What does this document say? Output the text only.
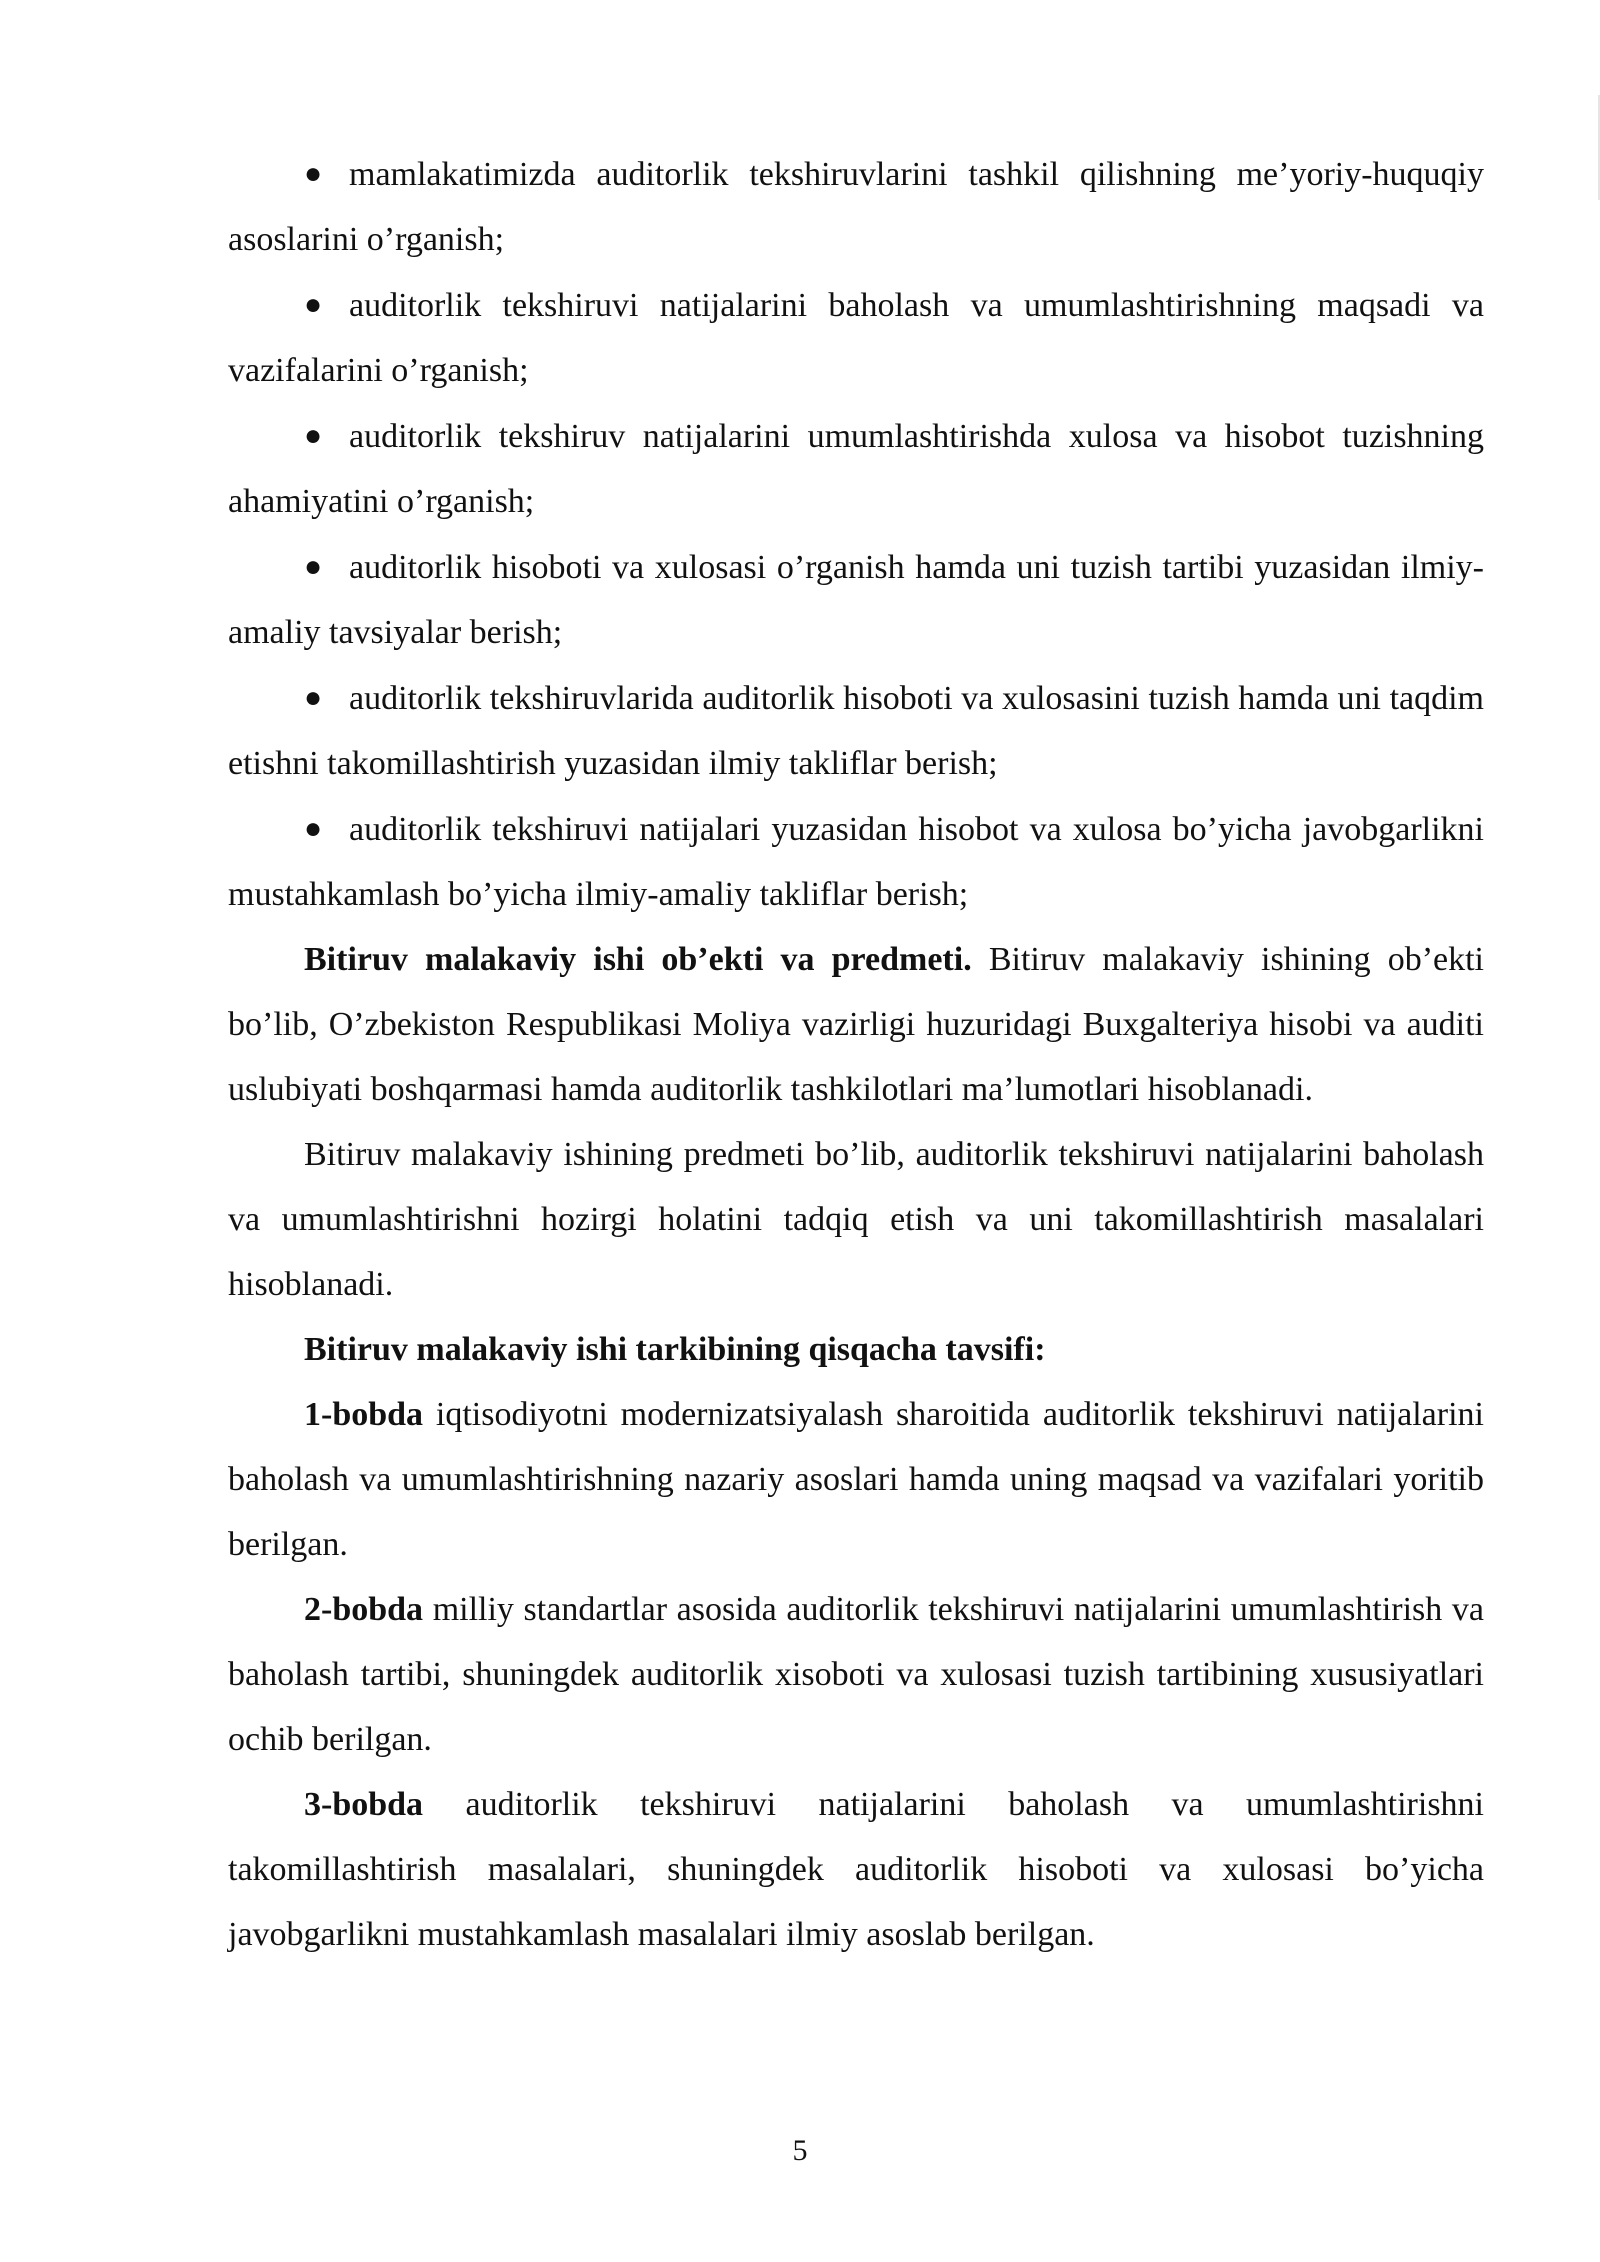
● mamlakatimizda auditorlik tekshiruvlarini tashkil qilishning me’yoriy-huquqiy asoslarini o’rganish;

● auditorlik tekshiruvi natijalarini baholash va umumlashtirishning maqsadi va vazifalarini o’rganish;

● auditorlik tekshiruv natijalarini umumlashtirishda xulosa va hisobot tuzishning ahamiyatini o’rganish;

● auditorlik hisoboti va xulosasi o’rganish hamda uni tuzish tartibi yuzasidan ilmiy-amaliy tavsiyalar berish;

● auditorlik tekshiruvlarida auditorlik hisoboti va xulosasini tuzish hamda uni taqdim etishni takomillashtirish yuzasidan ilmiy takliflar berish;

● auditorlik tekshiruvi natijalari yuzasidan hisobot va xulosa bo’yicha javobgarlikni mustahkamlash bo’yicha ilmiy-amaliy takliflar berish;

Bitiruv malakaviy ishi ob’ekti va predmeti. Bitiruv malakaviy ishining ob’ekti bo’lib, O’zbekiston Respublikasi Moliya vazirligi huzuridagi Buxgalteriya hisobi va auditi uslubiyati boshqarmasi hamda auditorlik tashkilotlari ma’lumotlari hisoblanadi.

Bitiruv malakaviy ishining predmeti bo’lib, auditorlik tekshiruvi natijalarini baholash va umumlashtirishni hozirgi holatini tadqiq etish va uni takomillashtirish masalalari hisoblanadi.

Bitiruv malakaviy ishi tarkibining qisqacha tavsifi:

1-bobda iqtisodiyotni modernizatsiyalash sharoitida auditorlik tekshiruvi natijalarini baholash va umumlashtirishning nazariy asoslari hamda uning maqsad va vazifalari yoritib berilgan.

2-bobda milliy standartlar asosida auditorlik tekshiruvi natijalarini umumlashtirish va baholash tartibi, shuningdek auditorlik xisoboti va xulosasi tuzish tartibining xususiyatlari ochib berilgan.

3-bobda auditorlik tekshiruvi natijalarini baholash va umumlashtirishni takomillashtirish masalalari, shuningdek auditorlik hisoboti va xulosasi bo’yicha javobgarlikni mustahkamlash masalalari ilmiy asoslab berilgan.

5
